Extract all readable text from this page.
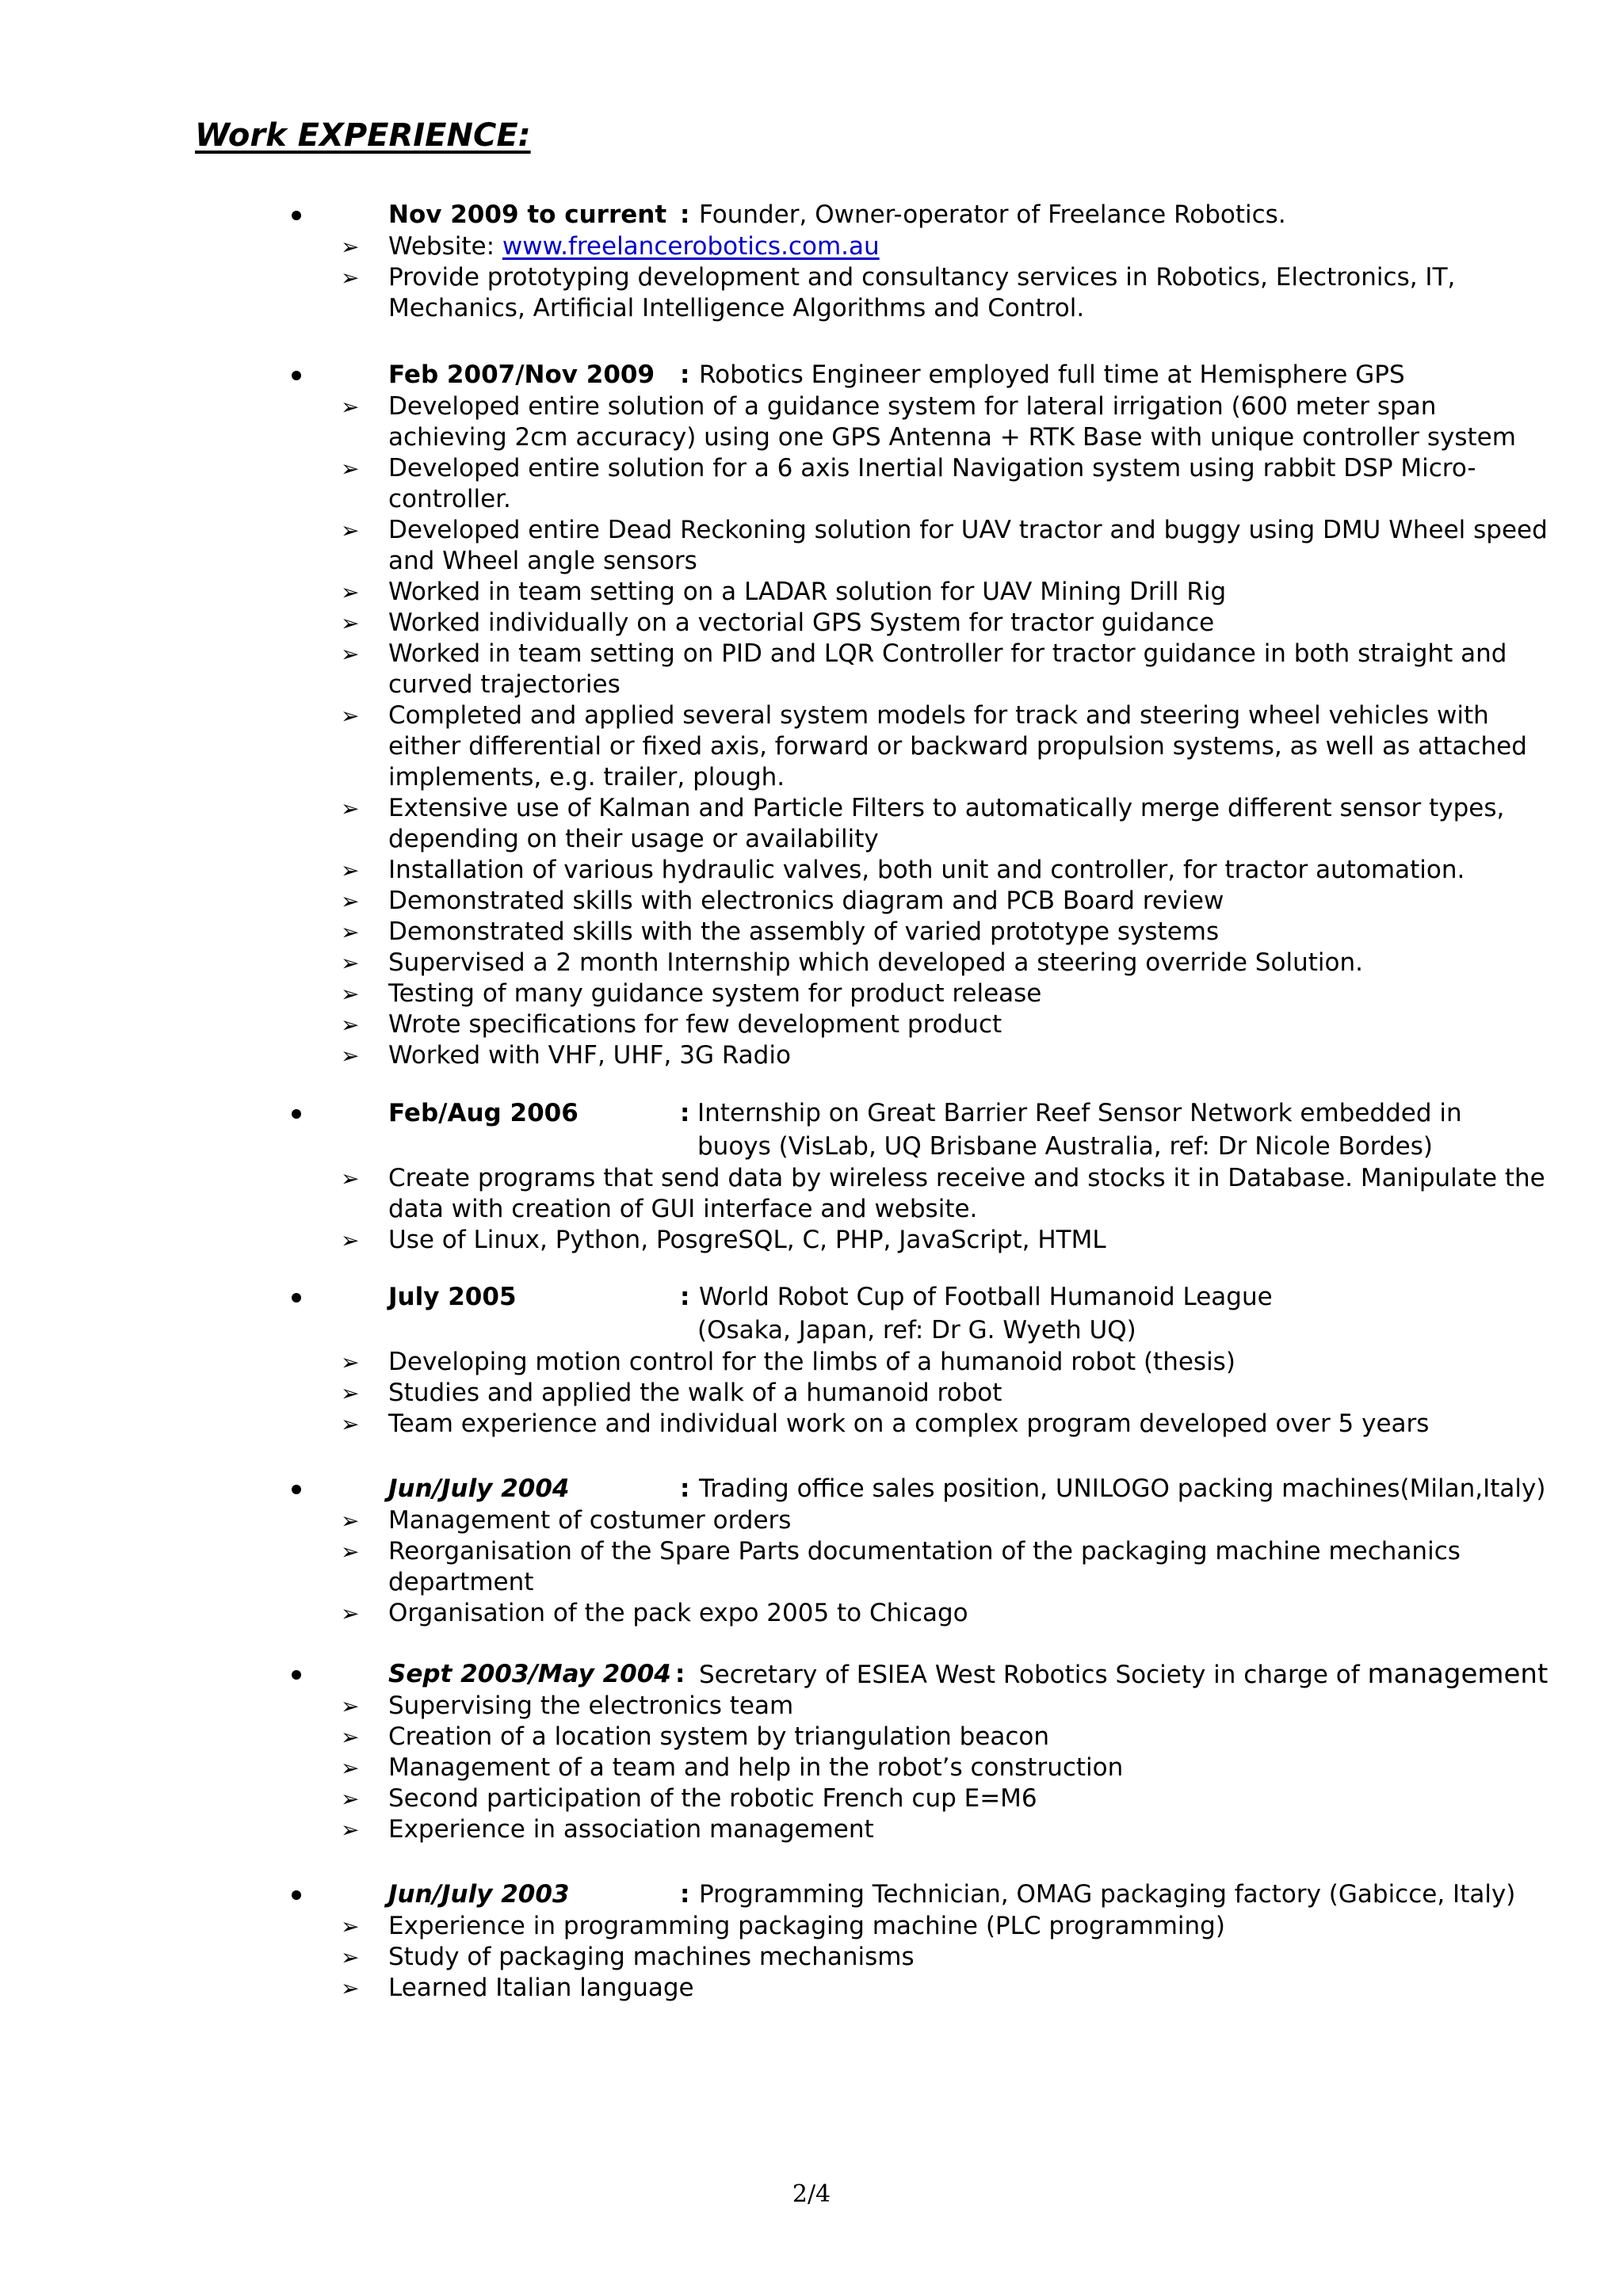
Work EXPERIENCE:
Nov 2009 to current : Founder, Owner-operator of Freelance Robotics.
➢ Website: www.freelancerobotics.com.au
➢ Provide prototyping development and consultancy services in Robotics, Electronics, IT, Mechanics, Artificial Intelligence Algorithms and Control.
Feb 2007/Nov 2009 : Robotics Engineer employed full time at Hemisphere GPS
➢ Developed entire solution of a guidance system for lateral irrigation (600 meter span achieving 2cm accuracy) using one GPS Antenna + RTK Base with unique controller system
➢ Developed entire solution for a 6 axis Inertial Navigation system using rabbit DSP Micro-controller.
➢ Developed entire Dead Reckoning solution for UAV tractor and buggy using DMU Wheel speed and Wheel angle sensors
➢ Worked in team setting on a LADAR solution for UAV Mining Drill Rig
➢ Worked individually on a vectorial GPS System for tractor guidance
➢ Worked in team setting on PID and LQR Controller for tractor guidance in both straight and curved trajectories
➢ Completed and applied several system models for track and steering wheel vehicles with either differential or fixed axis, forward or backward propulsion systems, as well as attached implements, e.g. trailer, plough.
➢ Extensive use of Kalman and Particle Filters to automatically merge different sensor types, depending on their usage or availability
➢ Installation of various hydraulic valves, both unit and controller, for tractor automation.
➢ Demonstrated skills with electronics diagram and PCB Board review
➢ Demonstrated skills with the assembly of varied prototype systems
➢ Supervised a 2 month Internship which developed a steering override Solution.
➢ Testing of many guidance system for product release
➢ Wrote specifications for few development product
➢ Worked with VHF, UHF, 3G Radio
Feb/Aug 2006	: Internship on Great Barrier Reef Sensor Network embedded in
buoys (VisLab, UQ Brisbane Australia, ref: Dr Nicole Bordes)
➢ Create programs that send data by wireless receive and stocks it in Database. Manipulate the data with creation of GUI interface and website.
➢ Use of Linux, Python, PosgreSQL, C, PHP, JavaScript, HTML
July 2005	: World Robot Cup of Football Humanoid League
(Osaka, Japan, ref: Dr G. Wyeth UQ)
➢ Developing motion control for the limbs of a humanoid robot (thesis)
➢ Studies and applied the walk of a humanoid robot
➢ Team experience and individual work on a complex program developed over 5 years
Jun/July 2004	: Trading office sales position, UNILOGO packing machines(Milan,Italy)
➢ Management of costumer orders
➢ Reorganisation of the Spare Parts documentation of the packaging machine mechanics department
➢ Organisation of the pack expo 2005 to Chicago
Sept 2003/May 2004 : Secretary of ESIEA West Robotics Society in charge of management
➢ Supervising the electronics team
➢ Creation of a location system by triangulation beacon
➢ Management of a team and help in the robot’s construction
➢ Second participation of the robotic French cup E=M6
➢ Experience in association management
Jun/July 2003	: Programming Technician, OMAG packaging factory (Gabicce, Italy)
➢ Experience in programming packaging machine (PLC programming)
➢ Study of packaging machines mechanisms
➢ Learned Italian language
2/4
